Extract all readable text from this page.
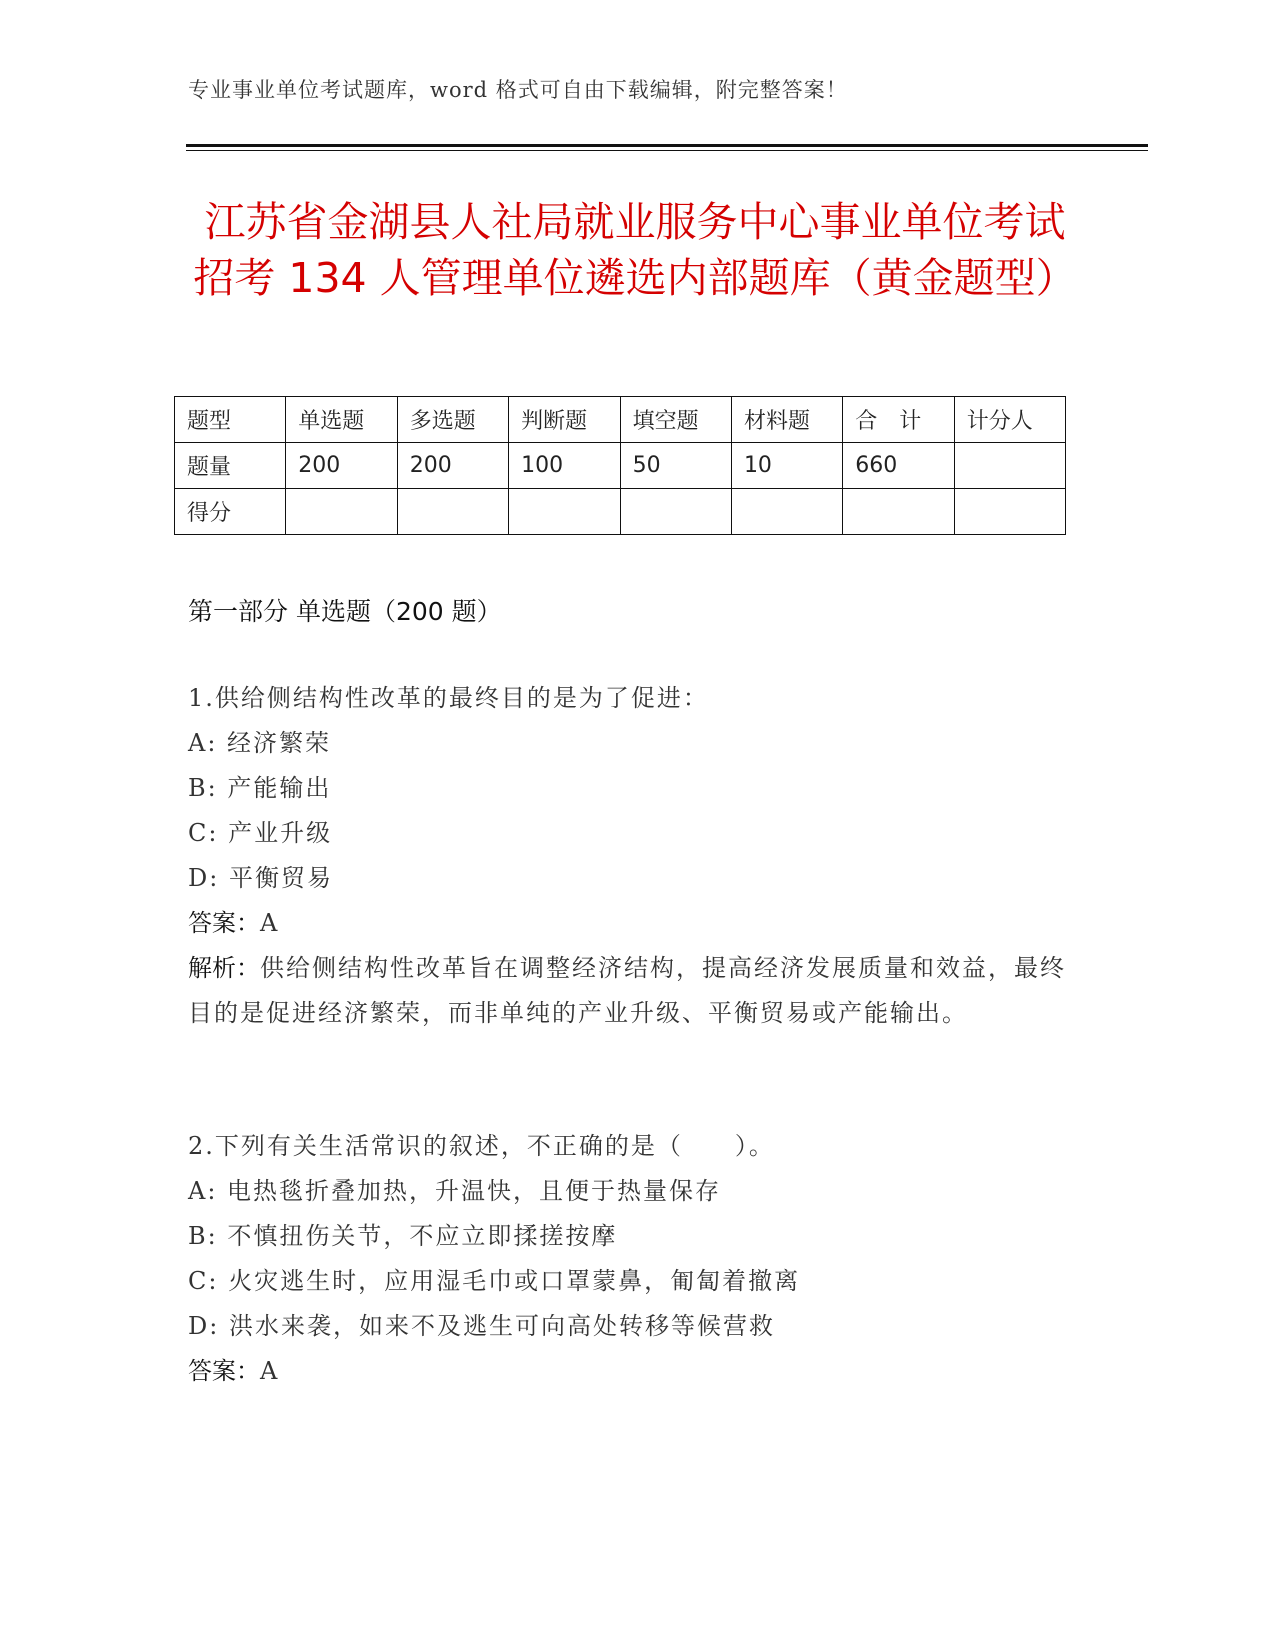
专业事业单位考试题库，word 格式可自由下载编辑，附完整答案！
江苏省金湖县人社局就业服务中心事业单位考试招考 134 人管理单位遴选内部题库（黄金题型）
题型	单选题	多选题	判断题	填空题	材料题	合　计	计分人
题量	200	200	100	50	10	660	
得分							
第一部分 单选题（200 题）
1.供给侧结构性改革的最终目的是为了促进：
A: 经济繁荣
B: 产能输出
C: 产业升级
D: 平衡贸易
答案：A
解析：供给侧结构性改革旨在调整经济结构，提高经济发展质量和效益，最终目的是促进经济繁荣，而非单纯的产业升级、平衡贸易或产能输出。
2.下列有关生活常识的叙述，不正确的是（　　）。
A: 电热毯折叠加热，升温快，且便于热量保存
B: 不慎扭伤关节，不应立即揉搓按摩
C: 火灾逃生时，应用湿毛巾或口罩蒙鼻，匍匐着撤离
D: 洪水来袭，如来不及逃生可向高处转移等候营救
答案：A
